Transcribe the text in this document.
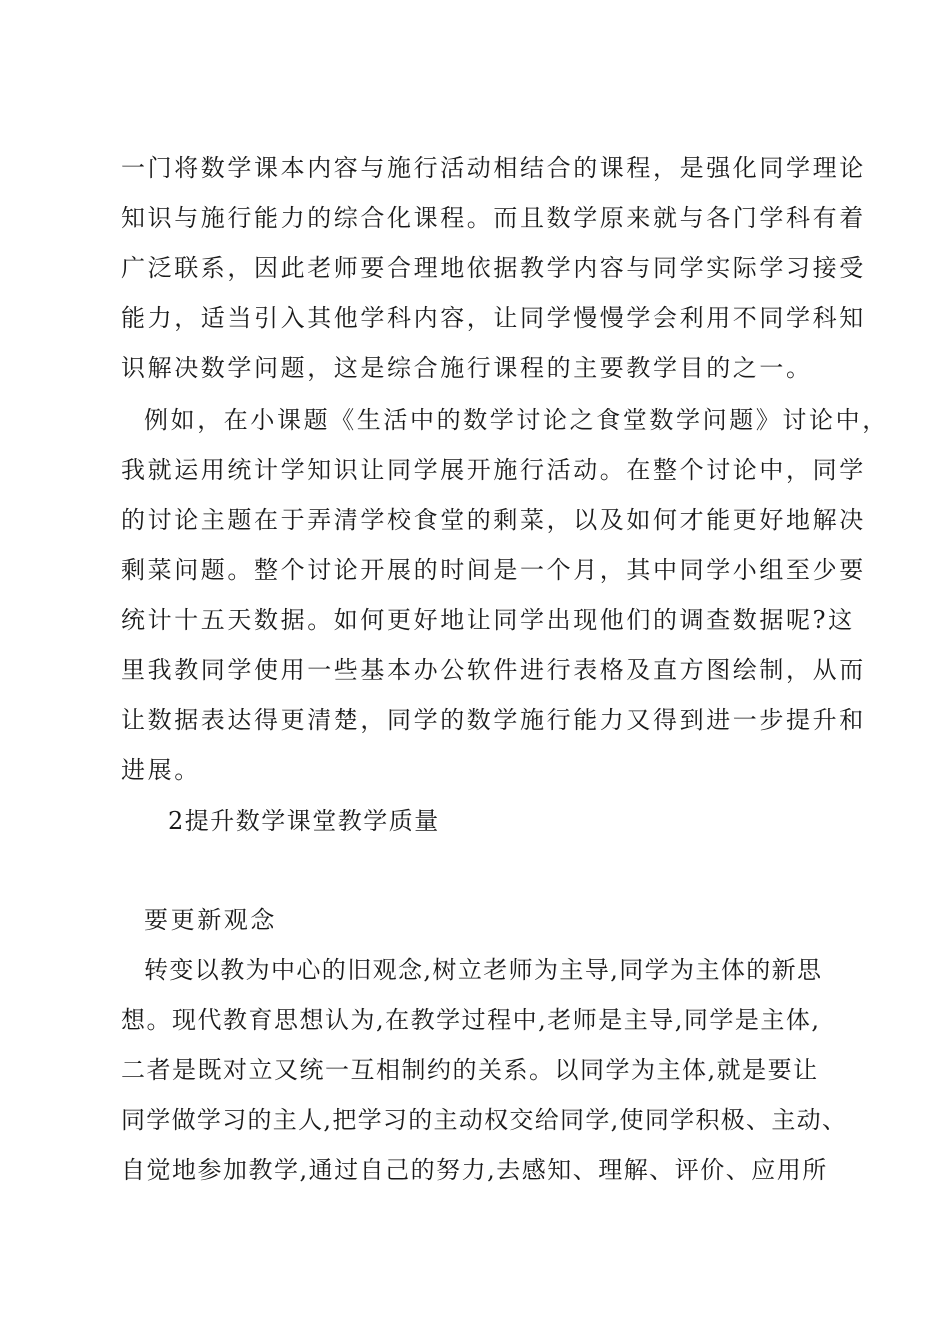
一门将数学课本内容与施行活动相结合的课程，是强化同学理论

知识与施行能力的综合化课程。而且数学原来就与各门学科有着

广泛联系，因此老师要合理地依据教学内容与同学实际学习接受

能力，适当引入其他学科内容，让同学慢慢学会利用不同学科知

识解决数学问题，这是综合施行课程的主要教学目的之一。

例如，在小课题《生活中的数学讨论之食堂数学问题》讨论中，

我就运用统计学知识让同学展开施行活动。在整个讨论中，同学

的讨论主题在于弄清学校食堂的剩菜，以及如何才能更好地解决

剩菜问题。整个讨论开展的时间是一个月，其中同学小组至少要

统计十五天数据。如何更好地让同学出现他们的调查数据呢?这

里我教同学使用一些基本办公软件进行表格及直方图绘制，从而

让数据表达得更清楚，同学的数学施行能力又得到进一步提升和

进展。

2提升数学课堂教学质量

要更新观念

转变以教为中心的旧观念,树立老师为主导,同学为主体的新思

想。现代教育思想认为,在教学过程中,老师是主导,同学是主体,

二者是既对立又统一互相制约的关系。以同学为主体,就是要让

同学做学习的主人,把学习的主动权交给同学,使同学积极、主动、

自觉地参加教学,通过自己的努力,去感知、理解、评价、应用所
